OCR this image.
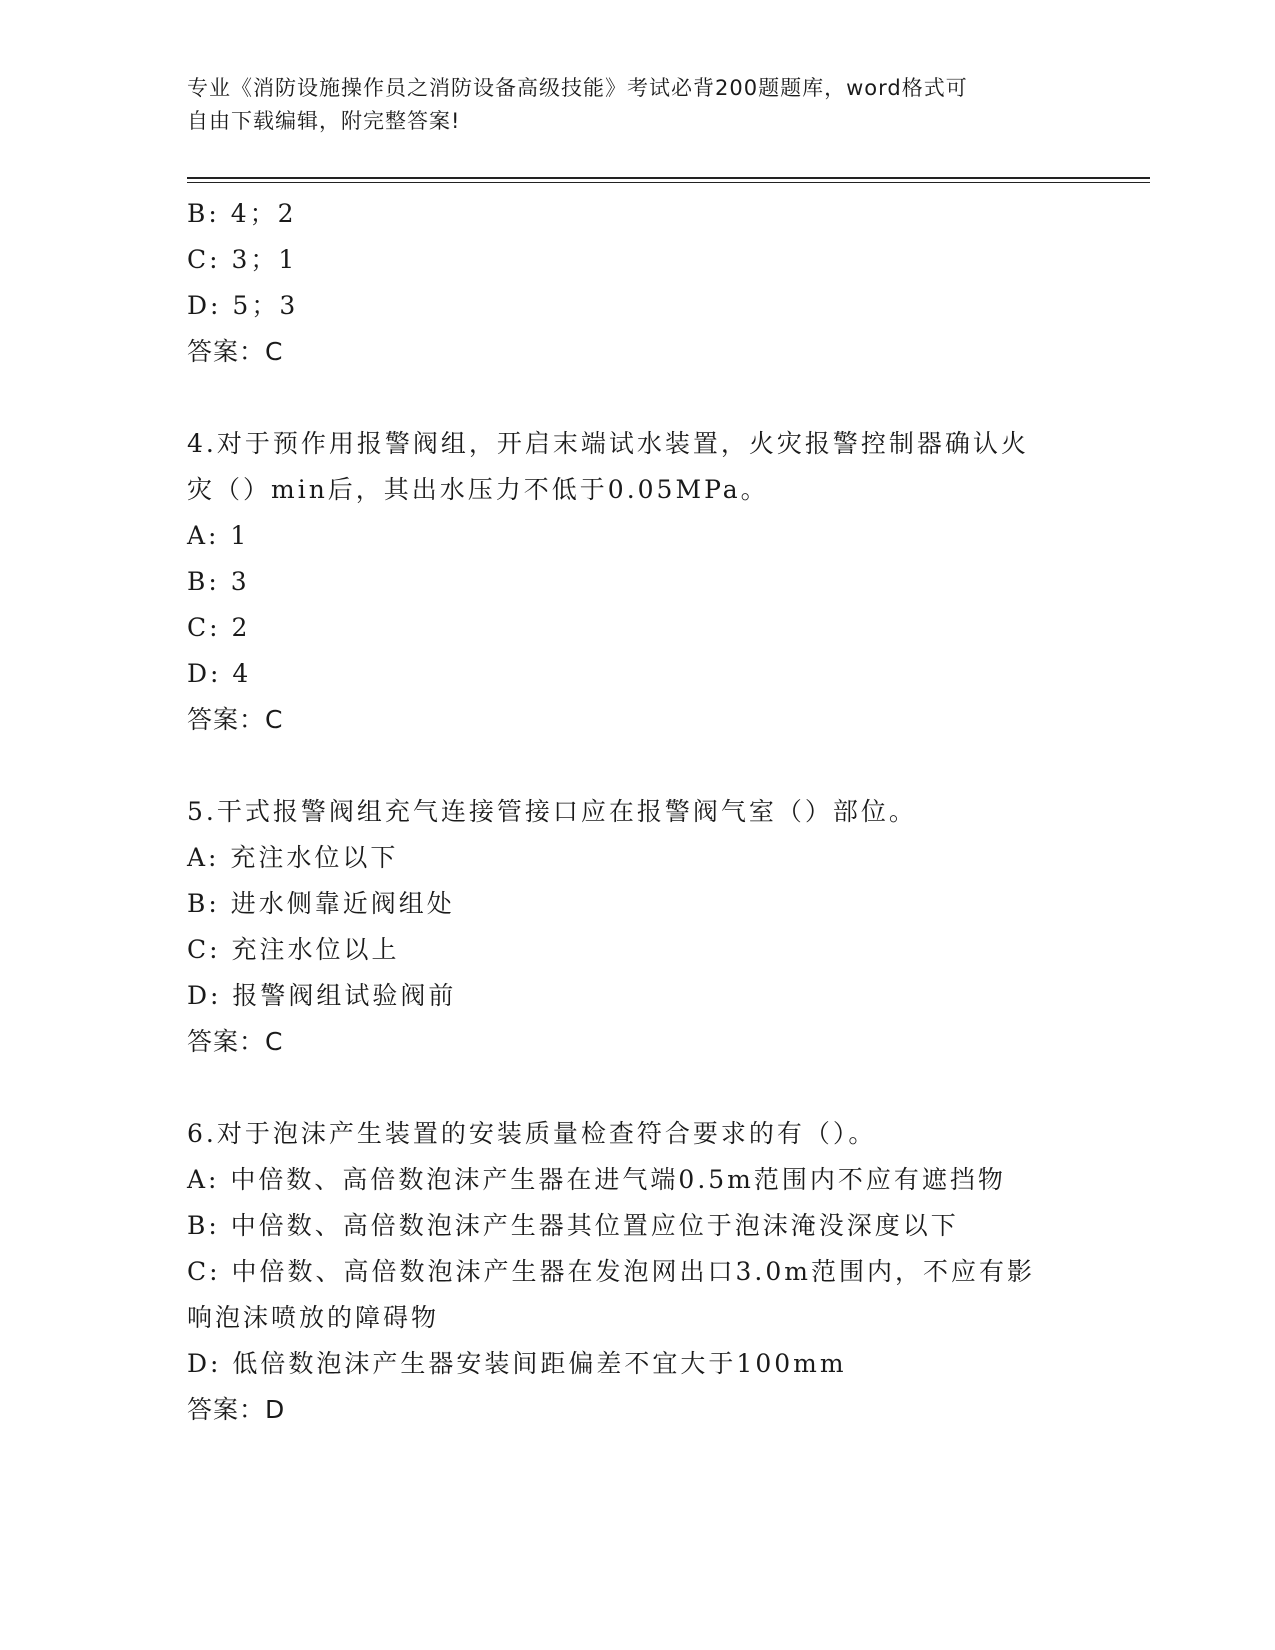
专业《消防设施操作员之消防设备高级技能》考试必背200题题库，word格式可

自由下载编辑，附完整答案!

B: 4；2
C: 3；1
D: 5；3
答案：C
4.对于预作用报警阀组，开启末端试水装置，火灾报警控制器确认火
灾（）min后，其出水压力不低于0.05MPa。
A: 1
B: 3
C: 2
D: 4
答案：C
5.干式报警阀组充气连接管接口应在报警阀气室（）部位。
A: 充注水位以下
B: 进水侧靠近阀组处
C: 充注水位以上
D: 报警阀组试验阀前
答案：C
6.对于泡沫产生装置的安装质量检查符合要求的有（）。
A: 中倍数、高倍数泡沫产生器在进气端0.5m范围内不应有遮挡物
B: 中倍数、高倍数泡沫产生器其位置应位于泡沫淹没深度以下
C: 中倍数、高倍数泡沫产生器在发泡网出口3.0m范围内，不应有影
响泡沫喷放的障碍物
D: 低倍数泡沫产生器安装间距偏差不宜大于100mm
答案：D
